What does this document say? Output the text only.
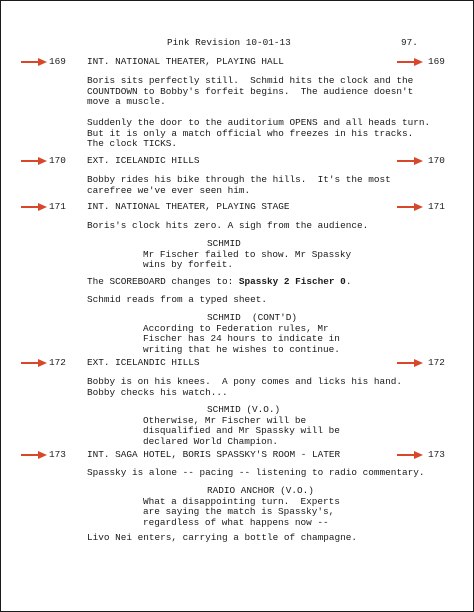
Pink Revision 10-01-13	97.
169 INT. NATIONAL THEATER, PLAYING HALL	169
Boris sits perfectly still.  Schmid hits the clock and the
COUNTDOWN to Bobby's forfeit begins.  The audience doesn't
move a muscle.
Suddenly the door to the auditorium OPENS and all heads turn.
But it is only a match official who freezes in his tracks.
The clock TICKS.
170 EXT. ICELANDIC HILLS	170
Bobby rides his bike through the hills.  It's the most
carefree we've ever seen him.
171 INT. NATIONAL THEATER, PLAYING STAGE	171
Boris's clock hits zero. A sigh from the audience.
SCHMID
Mr Fischer failed to show. Mr Spassky
wins by forfeit.
The SCOREBOARD changes to: Spassky 2 Fischer 0.
Schmid reads from a typed sheet.
SCHMID  (CONT'D)
According to Federation rules, Mr
Fischer has 24 hours to indicate in
writing that he wishes to continue.
172 EXT. ICELANDIC HILLS	172
Bobby is on his knees.  A pony comes and licks his hand.
Bobby checks his watch...
SCHMID (V.O.)
Otherwise, Mr Fischer will be
disqualified and Mr Spassky will be
declared World Champion.
173 INT. SAGA HOTEL, BORIS SPASSKY'S ROOM - LATER	173
Spassky is alone -- pacing -- listening to radio commentary.
RADIO ANCHOR (V.O.)
What a disappointing turn.  Experts
are saying the match is Spassky's,
regardless of what happens now --
Livo Nei enters, carrying a bottle of champagne.
